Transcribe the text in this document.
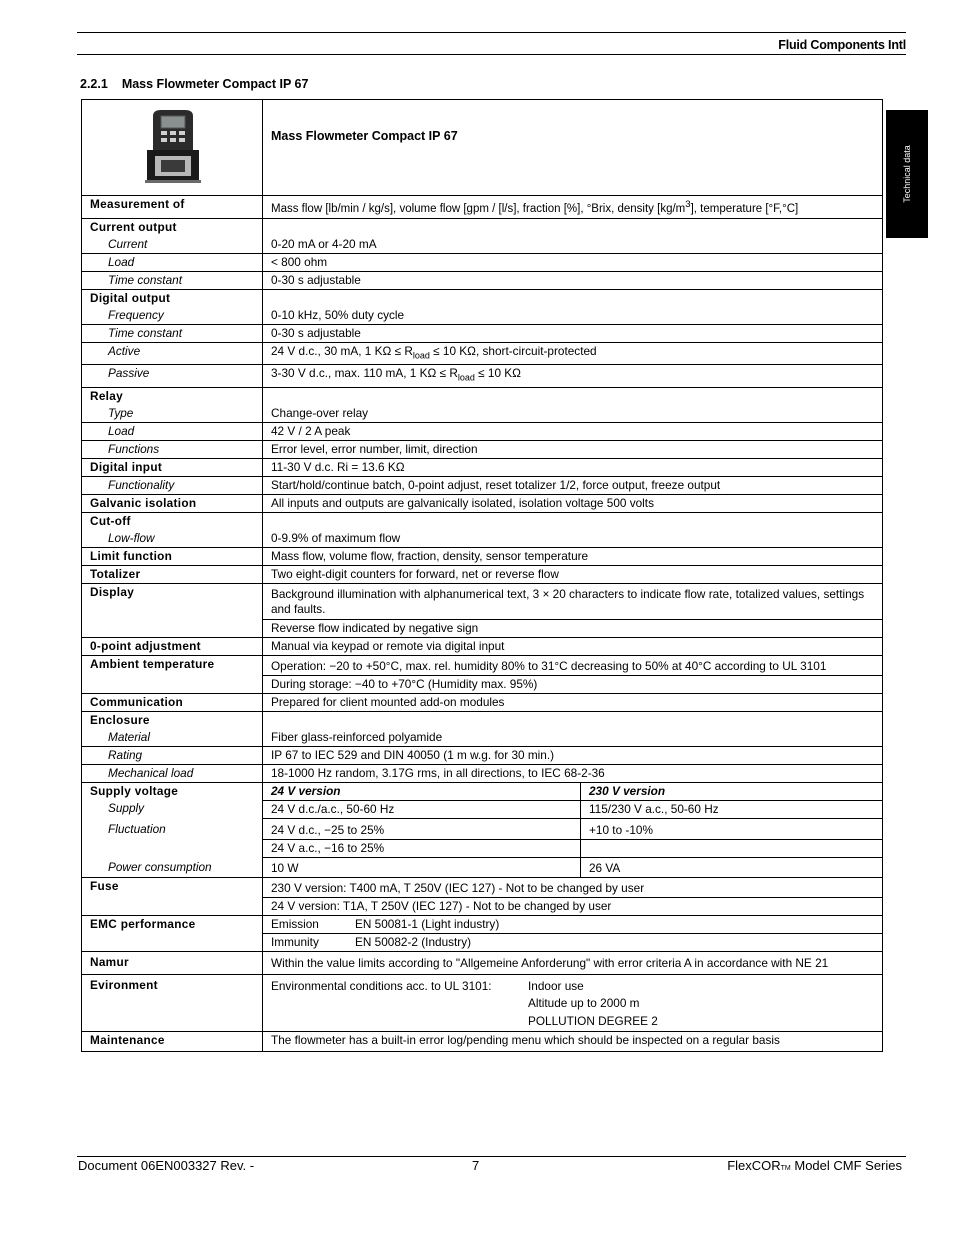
Fluid Components Intl
2.2.1 Mass Flowmeter Compact IP 67
Technical data
	Mass Flowmeter Compact IP 67	
Measurement of	Mass flow [lb/min / kg/s], volume flow [gpm / [l/s], fraction [%], °Brix, density $[kg/m^3]$, temperature [°F,°C]	
Current output		
Current	0-20 mA or 4-20 mA	
Load	< 800 ohm	
Time constant	0-30 s adjustable	
Digital output		
Frequency	0-10 kHz, 50% duty cycle	
Time constant	0-30 s adjustable	
Active	24 V d.c., 30 mA, 1 $K\Omega \le R_{load} \le 10$ KΩ, short-circuit-protected	
Passive	3-30 V d.c., max. 110 mA, 1 $K\Omega \le R_{load} \le 10$ KΩ	
Relay		
Type	Change-over relay	
Load	42 V / 2 A peak	
Functions	Error level, error number, limit, direction	
Digital input	11-30 V d.c. Ri = 13.6 KΩ	
Functionality	Start/hold/continue batch, 0-point adjust, reset totalizer 1/2, force output, freeze output	
Galvanic isolation	All inputs and outputs are galvanically isolated, isolation voltage 500 volts	
Cut-off		
Low-flow	0-9.9% of maximum flow	
Limit function	Mass flow, volume flow, fraction, density, sensor temperature	
Totalizer	Two eight-digit counters for forward, net or reverse flow	
Display	Background illumination with alphanumerical text, 3 × 20 characters to indicate flow rate, totalized values, settings and faults.	
	Reverse flow indicated by negative sign	
0-point adjustment	Manual via keypad or remote via digital input	
Ambient temperature	Operation: −20 to +50°C, max. rel. humidity 80% to 31°C decreasing to 50% at 40°C according to UL 3101	
	During storage: −40 to +70°C (Humidity max. 95%)	
Communication	Prepared for client mounted add-on modules	
Enclosure		
Material	Fiber glass-reinforced polyamide	
Rating	IP 67 to IEC 529 and DIN 40050 (1 m w.g. for 30 min.)	
Mechanical load	18-1000 Hz random, 3.17G rms, in all directions, to IEC 68-2-36	
Supply voltage	24 V version	230 V version
Supply	24 V d.c./a.c., 50-60 Hz	115/230 V a.c., 50-60 Hz
Fluctuation	24 V d.c., −25 to 25%	+10 to -10%
	24 V a.c., −16 to 25%	
Power consumption	10 W	26 VA
Fuse	230 V version: T400 mA, T 250V (IEC 127) - Not to be changed by user	
	24 V version: T1A, T 250V (IEC 127) - Not to be changed by user	
EMC performance	Emission EN 50081-1 (Light industry)	
	Immunity EN 50082-2 (Industry)	
Namur	Within the value limits according to "Allgemeine Anforderung" with error criteria A in accordance with NE 21	
Evironment	Environmental conditions acc. to UL 3101: Indoor use
Altitude up to 2000 m
POLLUTION DEGREE 2	

Maintenance	The flowmeter has a built-in error log/pending menu which should be inspected on a regular basis	
Document 06EN003327 Rev. -	7	FlexCORTM Model CMF Series
